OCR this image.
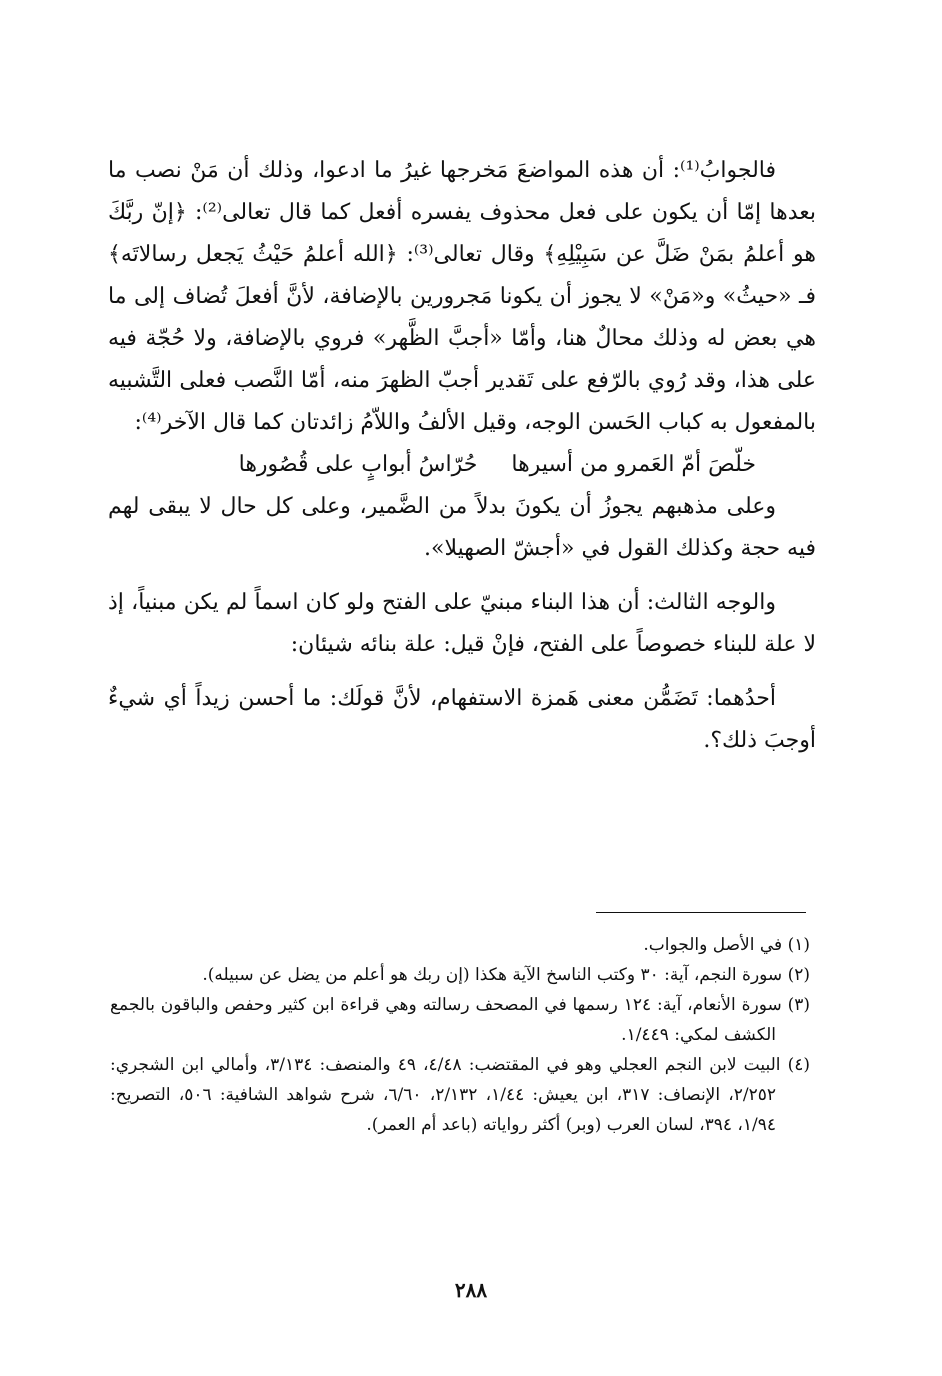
فالجوابُ⁽¹⁾: أن هذه المواضعَ مَخرجها غيرُ ما ادعوا، وذلك أن مَنْ نصب ما بعدها إمّا أن يكون على فعل محذوف يفسره أفعل كما قال تعالى⁽²⁾: ﴿إنّ ربَّكَ هو أعلمُ بمَنْ ضَلَّ عن سَبِيْلِهِ﴾ وقال تعالى⁽³⁾: ﴿الله أعلمُ حَيْثُ يَجعل رسالاتَه﴾ فـ «حيثُ» و«مَنْ» لا يجوز أن يكونا مَجرورين بالإضافة، لأنَّ أفعلَ تُضاف إلى ما هي بعض له وذلك محالٌ هنا، وأمّا «أجبَّ الظَّهر» فروي بالإضافة، ولا حُجّة فيه على هذا، وقد رُوي بالرّفع على تَقدير أجبّ الظهرَ منه، أمّا النَّصب فعلى التَّشبيه بالمفعول به كباب الحَسن الوجه، وقيل الألفُ واللاّمُ زائدتان كما قال الآخر⁽⁴⁾:

خلّصَ أمّ العَمرو من أسيرها
حُرّاسُ أبوابٍ على قُصُورها

وعلى مذهبهم يجوزُ أن يكونَ بدلاً من الضَّمير، وعلى كل حال لا يبقى لهم فيه حجة وكذلك القول في «أجشّ الصهيلا».

والوجه الثالث: أن هذا البناء مبنيّ على الفتح ولو كان اسماً لم يكن مبنياً، إذ لا علة للبناء خصوصاً على الفتح، فإنْ قيل: علة بنائه شيئان:

أحدُهما: تَضَمُّن معنى هَمزة الاستفهام، لأنَّ قولَك: ما أحسن زيداً أي شيءٌ أوجبَ ذلك؟.

(١) في الأصل والجواب.

(٢) سورة النجم، آية: ٣٠ وكتب الناسخ الآية هكذا (إن ربك هو أعلم من يضل عن سبيله).

(٣) سورة الأنعام، آية: ١٢٤ رسمها في المصحف رسالته وهي قراءة ابن كثير وحفص والباقون بالجمع الكشف لمكي: ١/٤٤٩.

(٤) البيت لابن النجم العجلي وهو في المقتضب: ٤/٤٨، ٤٩ والمنصف: ٣/١٣٤، وأمالي ابن الشجري: ٢/٢٥٢، الإنصاف: ٣١٧، ابن يعيش: ١/٤٤، ٢/١٣٢، ٦/٦٠، شرح شواهد الشافية: ٥٠٦، التصريح: ١/٩٤، ٣٩٤، لسان العرب (وبر) أكثر رواياته (باعد أم العمر).

٢٨٨
